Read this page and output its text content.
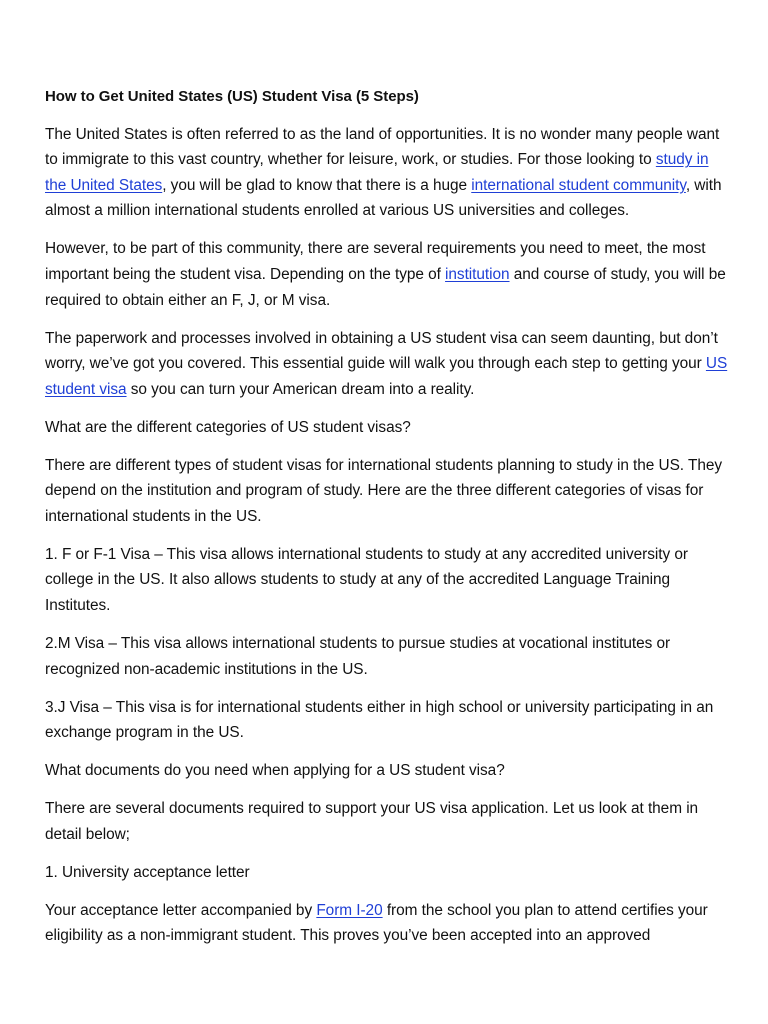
How to Get United States (US) Student Visa (5 Steps)

The United States is often referred to as the land of opportunities. It is no wonder many people want to immigrate to this vast country, whether for leisure, work, or studies. For those looking to study in the United States, you will be glad to know that there is a huge international student community, with almost a million international students enrolled at various US universities and colleges.

However, to be part of this community, there are several requirements you need to meet, the most important being the student visa. Depending on the type of institution and course of study, you will be required to obtain either an F, J, or M visa.

The paperwork and processes involved in obtaining a US student visa can seem daunting, but don’t worry, we’ve got you covered. This essential guide will walk you through each step to getting your US student visa so you can turn your American dream into a reality.

What are the different categories of US student visas?

There are different types of student visas for international students planning to study in the US. They depend on the institution and program of study. Here are the three different categories of visas for international students in the US.

1. F or F-1 Visa – This visa allows international students to study at any accredited university or college in the US. It also allows students to study at any of the accredited Language Training Institutes.

2.M Visa – This visa allows international students to pursue studies at vocational institutes or recognized non-academic institutions in the US.

3.J Visa – This visa is for international students either in high school or university participating in an exchange program in the US.

What documents do you need when applying for a US student visa?

There are several documents required to support your US visa application. Let us look at them in detail below;

1. University acceptance letter

Your acceptance letter accompanied by Form I-20 from the school you plan to attend certifies your eligibility as a non-immigrant student. This proves you’ve been accepted into an approved
